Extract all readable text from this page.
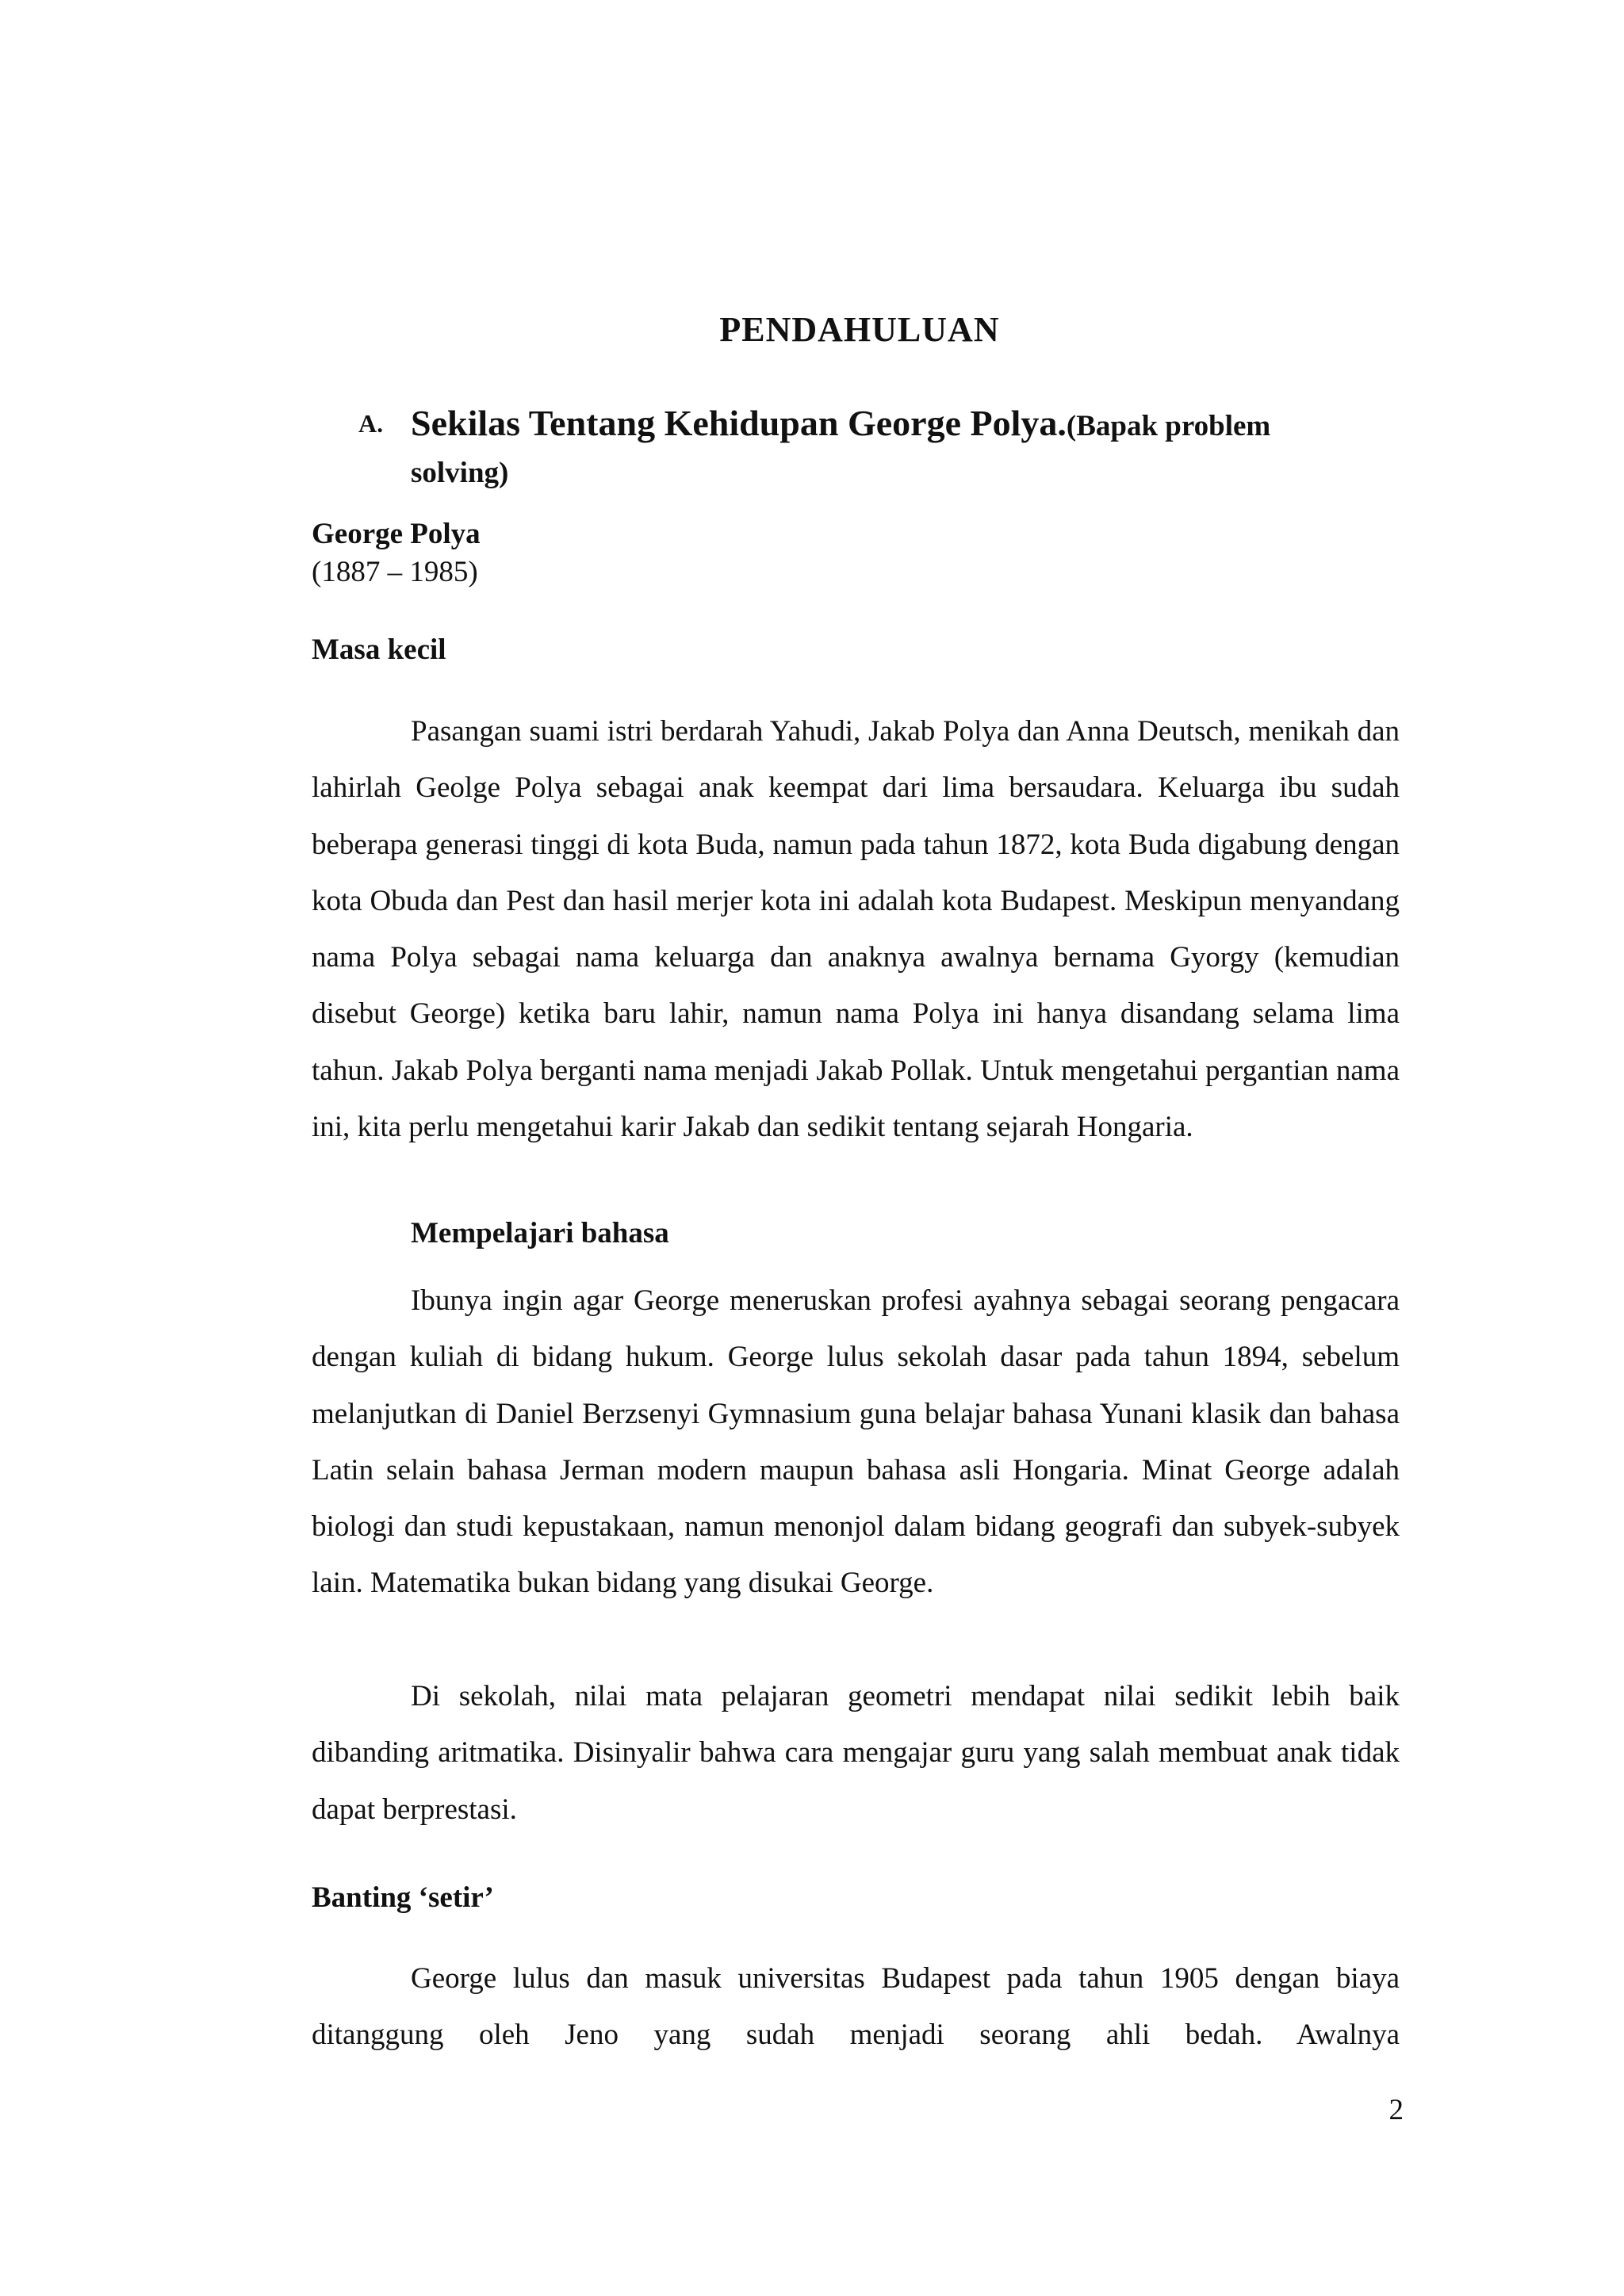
PENDAHULUAN
A. Sekilas Tentang Kehidupan George Polya.(Bapak problem solving)
George Polya
(1887 – 1985)
Masa kecil

Pasangan suami istri berdarah Yahudi, Jakab Polya dan Anna Deutsch, menikah dan lahirlah Geolge Polya sebagai anak keempat dari lima bersaudara. Keluarga ibu sudah beberapa generasi tinggi di kota Buda, namun pada tahun 1872, kota Buda digabung dengan kota Obuda dan Pest dan hasil merjer kota ini adalah kota Budapest. Meskipun menyandang nama Polya sebagai nama keluarga dan anaknya awalnya bernama Gyorgy (kemudian disebut George) ketika baru lahir, namun nama Polya ini hanya disandang selama lima tahun. Jakab Polya berganti nama menjadi Jakab Pollak. Untuk mengetahui pergantian nama ini, kita perlu mengetahui karir Jakab dan sedikit tentang sejarah Hongaria.

Mempelajari bahasa

Ibunya ingin agar George meneruskan profesi ayahnya sebagai seorang pengacara dengan kuliah di bidang hukum. George lulus sekolah dasar pada tahun 1894, sebelum melanjutkan di Daniel Berzsenyi Gymnasium guna belajar bahasa Yunani klasik dan bahasa Latin selain bahasa Jerman modern maupun bahasa asli Hongaria. Minat George adalah biologi dan studi kepustakaan, namun menonjol dalam bidang geografi dan subyek-subyek lain. Matematika bukan bidang yang disukai George.

Di sekolah, nilai mata pelajaran geometri mendapat nilai sedikit lebih baik dibanding aritmatika. Disinyalir bahwa cara mengajar guru yang salah membuat anak tidak dapat berprestasi.

Banting ‘setir’

George lulus dan masuk universitas Budapest pada tahun 1905 dengan biaya ditanggung oleh Jeno yang sudah menjadi seorang ahli bedah. Awalnya

2
